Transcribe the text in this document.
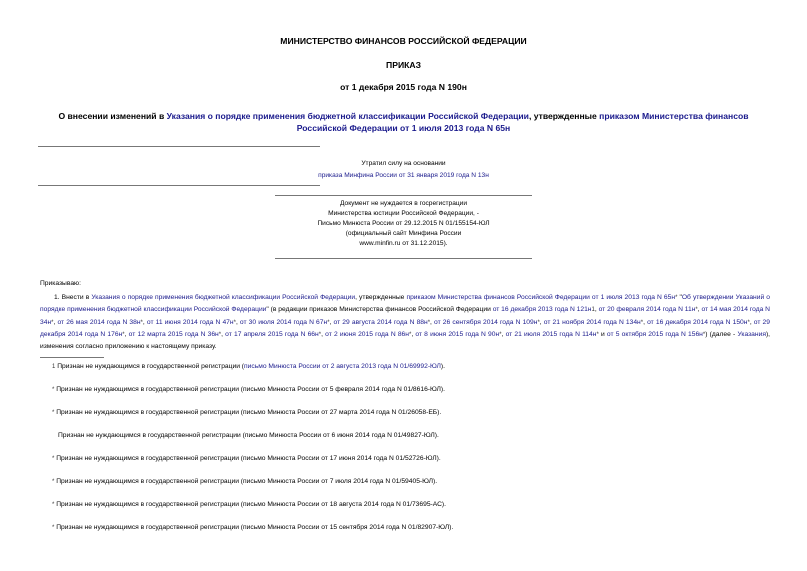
МИНИСТЕРСТВО ФИНАНСОВ РОССИЙСКОЙ ФЕДЕРАЦИИ
ПРИКАЗ
от 1 декабря 2015 года N 190н
О внесении изменений в Указания о порядке применения бюджетной классификации Российской Федерации, утвержденные приказом Министерства финансов Российской Федерации от 1 июля 2013 года N 65н
Утратил силу на основании
приказа Минфина России от 31 января 2019 года N 13н
Документ не нуждается в госрегистрации
Министерства юстиции Российской Федерации, -
Письмо Минюста России от 29.12.2015 N 01/155154-ЮЛ
(официальный сайт Минфина России
www.minfin.ru от 31.12.2015).
Приказываю:
1. Внести в Указания о порядке применения бюджетной классификации Российской Федерации, утвержденные приказом Министерства финансов Российской Федерации от 1 июля 2013 года N 65н* "Об утверждении Указаний о порядке применения бюджетной классификации Российской Федерации" (в редакции приказов Министерства финансов Российской Федерации от 16 декабря 2013 года N 121н1, от 20 февраля 2014 года N 11н*, от 14 мая 2014 года N 34н*, от 26 мая 2014 года N 38н*, от 11 июня 2014 года N 47н*, от 30 июля 2014 года N 67н*, от 29 августа 2014 года N 88н*, от 26 сентября 2014 года N 109н*, от 21 ноября 2014 года N 134н*, от 16 декабря 2014 года N 150н*, от 29 декабря 2014 года N 176н*, от 12 марта 2015 года N 36н*, от 17 апреля 2015 года N 66н*, от 2 июня 2015 года N 86н*, от 8 июня 2015 года N 90н*, от 21 июля 2015 года N 114н* и от 5 октября 2015 года N 156н*) (далее - Указания), изменения согласно приложению к настоящему приказу.
1 Признан не нуждающимся в государственной регистрации (письмо Минюста России от 2 августа 2013 года N 01/69992-ЮЛ).
* Признан не нуждающимся в государственной регистрации (письмо Минюста России от 5 февраля 2014 года N 01/8616-ЮЛ).
* Признан не нуждающимся в государственной регистрации (письмо Минюста России от 27 марта 2014 года N 01/26058-ЕБ).
Признан не нуждающимся в государственной регистрации (письмо Минюста России от 6 июня 2014 года N 01/49827-ЮЛ).
* Признан не нуждающимся в государственной регистрации (письмо Минюста России от 17 июня 2014 года N 01/52726-ЮЛ).
* Признан не нуждающимся в государственной регистрации (письмо Минюста России от 7 июля 2014 года N 01/59405-ЮЛ).
* Признан не нуждающимся в государственной регистрации (письмо Минюста России от 18 августа 2014 года N 01/73695-АС).
* Признан не нуждающимся в государственной регистрации (письмо Минюста России от 15 сентября 2014 года N 01/82907-ЮЛ).
